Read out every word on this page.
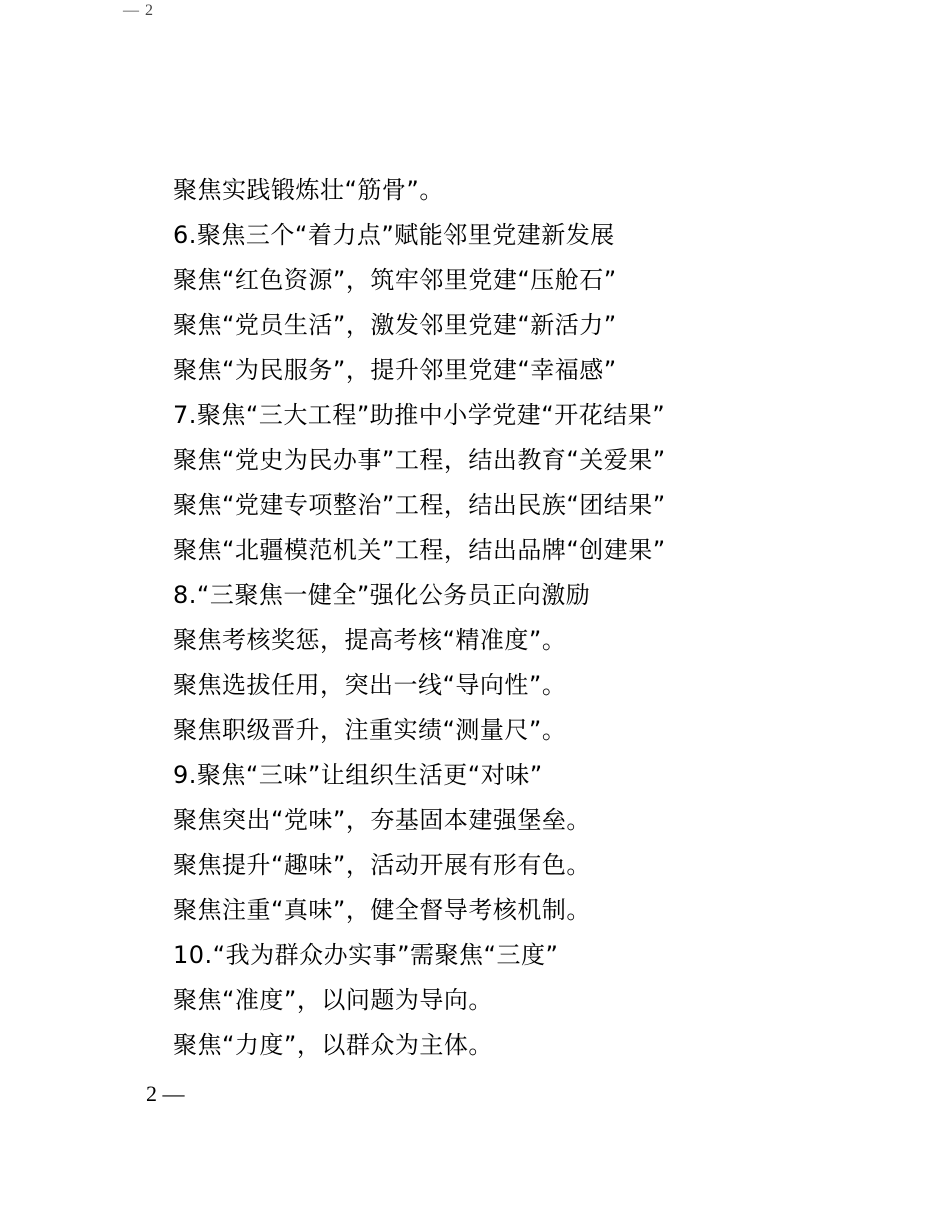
— 2
聚焦实践锻炼壮“筋骨”。
6.聚焦三个“着力点”赋能邻里党建新发展
聚焦“红色资源”，筑牢邻里党建“压舱石”
聚焦“党员生活”，激发邻里党建“新活力”
聚焦“为民服务”，提升邻里党建“幸福感”
7.聚焦“三大工程”助推中小学党建“开花结果”
聚焦“党史为民办事”工程，结出教育“关爱果”
聚焦“党建专项整治”工程，结出民族“团结果”
聚焦“北疆模范机关”工程，结出品牌“创建果”
8.“三聚焦一健全”强化公务员正向激励
聚焦考核奖惩，提高考核“精准度”。
聚焦选拔任用，突出一线“导向性”。
聚焦职级晋升，注重实绩“测量尺”。
9.聚焦“三味”让组织生活更“对味”
聚焦突出“党味”，夯基固本建强堡垒。
聚焦提升“趣味”，活动开展有形有色。
聚焦注重“真味”，健全督导考核机制。
10.“我为群众办实事”需聚焦“三度”
聚焦“准度”，以问题为导向。
聚焦“力度”，以群众为主体。
2 —
